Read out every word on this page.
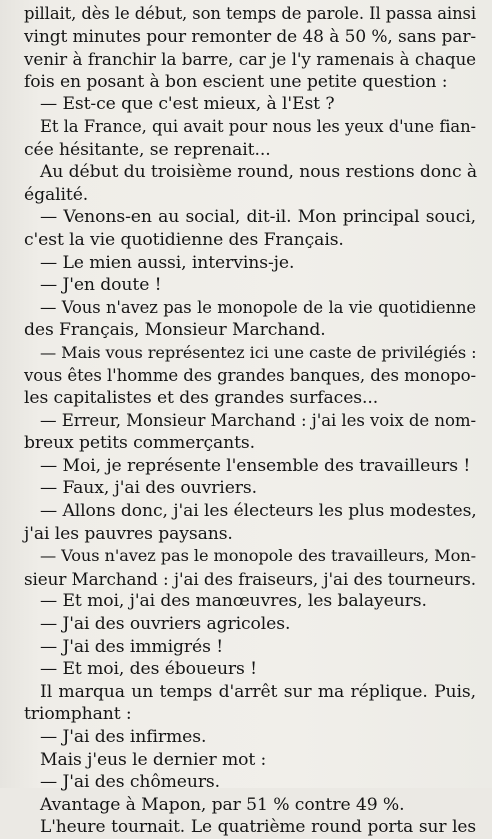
pillait, dès le début, son temps de parole. Il passa ainsi
vingt minutes pour remonter de 48 à 50 %, sans par-
venir à franchir la barre, car je l'y ramenais à chaque
fois en posant à bon escient une petite question :
— Est-ce que c'est mieux, à l'Est ?
Et la France, qui avait pour nous les yeux d'une fian-
cée hésitante, se reprenait...
Au début du troisième round, nous restions donc à
égalité.
— Venons-en au social, dit-il. Mon principal souci,
c'est la vie quotidienne des Français.
— Le mien aussi, intervins-je.
— J'en doute !
— Vous n'avez pas le monopole de la vie quotidienne
des Français, Monsieur Marchand.
— Mais vous représentez ici une caste de privilégiés :
vous êtes l'homme des grandes banques, des monopo-
les capitalistes et des grandes surfaces...
— Erreur, Monsieur Marchand : j'ai les voix de nom-
breux petits commerçants.
— Moi, je représente l'ensemble des travailleurs !
— Faux, j'ai des ouvriers.
— Allons donc, j'ai les électeurs les plus modestes,
j'ai les pauvres paysans.
— Vous n'avez pas le monopole des travailleurs, Mon-
sieur Marchand : j'ai des fraiseurs, j'ai des tourneurs.
— Et moi, j'ai des manœuvres, les balayeurs.
— J'ai des ouvriers agricoles.
— J'ai des immigrés !
— Et moi, des éboueurs !
Il marqua un temps d'arrêt sur ma réplique. Puis,
triomphant :
— J'ai des infirmes.
Mais j'eus le dernier mot :
— J'ai des chômeurs.
Avantage à Mapon, par 51 % contre 49 %.
L'heure tournait. Le quatrième round porta sur les
